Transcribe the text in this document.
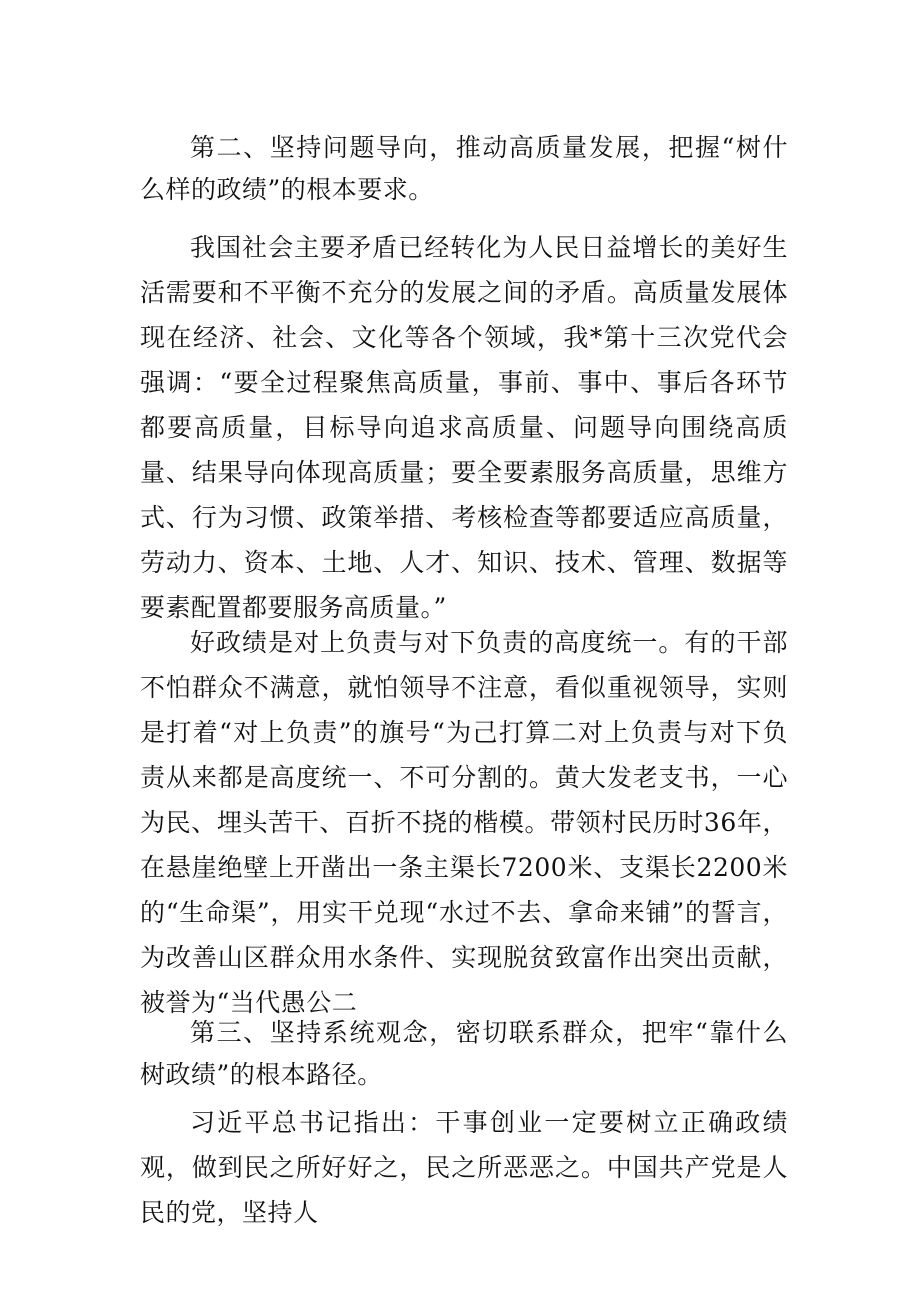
第二、坚持问题导向，推动高质量发展，把握“树什么样的政绩”的根本要求。

我国社会主要矛盾已经转化为人民日益增长的美好生活需要和不平衡不充分的发展之间的矛盾。高质量发展体现在经济、社会、文化等各个领域，我*第十三次党代会强调：“要全过程聚焦高质量，事前、事中、事后各环节都要高质量，目标导向追求高质量、问题导向围绕高质量、结果导向体现高质量；要全要素服务高质量，思维方式、行为习惯、政策举措、考核检查等都要适应高质量，劳动力、资本、土地、人才、知识、技术、管理、数据等要素配置都要服务高质量。”

好政绩是对上负责与对下负责的高度统一。有的干部不怕群众不满意，就怕领导不注意，看似重视领导，实则是打着“对上负责”的旗号“为己打算二对上负责与对下负责从来都是高度统一、不可分割的。黄大发老支书，一心为民、埋头苦干、百折不挠的楷模。带领村民历时36年，在悬崖绝壁上开凿出一条主渠长7200米、支渠长2200米的“生命渠”，用实干兑现“水过不去、拿命来铺”的誓言，为改善山区群众用水条件、实现脱贫致富作出突出贡献，被誉为“当代愚公二

第三、坚持系统观念，密切联系群众，把牢“靠什么树政绩”的根本路径。

习近平总书记指出：干事创业一定要树立正确政绩观，做到民之所好好之，民之所恶恶之。中国共产党是人民的党，坚持人
